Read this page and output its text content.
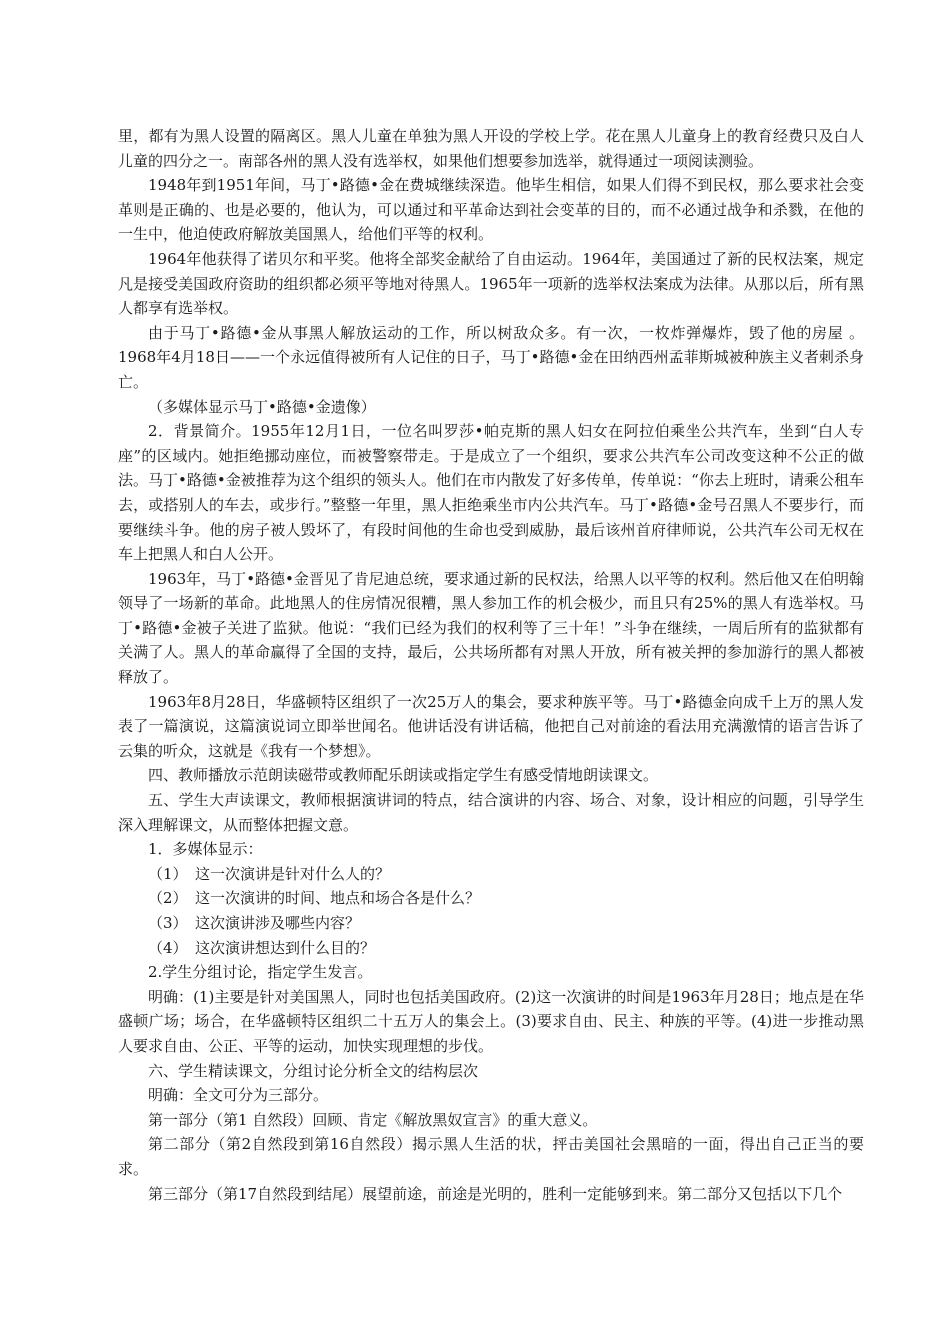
里，都有为黑人设置的隔离区。黑人儿童在单独为黑人开设的学校上学。花在黑人儿童身上的教育经费只及白人儿童的四分之一。南部各州的黑人没有选举权，如果他们想要参加选举，就得通过一项阅读测验。

1948年到1951年间，马丁•路德•金在费城继续深造。他毕生相信，如果人们得不到民权，那么要求社会变革则是正确的、也是必要的，他认为，可以通过和平革命达到社会变革的目的，而不必通过战争和杀戮，在他的一生中，他迫使政府解放美国黑人，给他们平等的权利。

1964年他获得了诺贝尔和平奖。他将全部奖金献给了自由运动。1964年，美国通过了新的民权法案，规定凡是接受美国政府资助的组织都必须平等地对待黑人。1965年一项新的选举权法案成为法律。从那以后，所有黑人都享有选举权。

由于马丁•路德•金从事黑人解放运动的工作，所以树敌众多。有一次，一枚炸弹爆炸，毁了他的房屋 。1968年4月18日——一个永远值得被所有人记住的日子，马丁•路德•金在田纳西州孟菲斯城被种族主义者刺杀身亡。

（多媒体显示马丁•路德•金遗像）

2．背景简介。1955年12月1日，一位名叫罗莎•帕克斯的黑人妇女在阿拉伯乘坐公共汽车，坐到“白人专座”的区域内。她拒绝挪动座位，而被警察带走。于是成立了一个组织，要求公共汽车公司改变这种不公正的做法。马丁•路德•金被推荐为这个组织的领头人。他们在市内散发了好多传单，传单说：“你去上班时，请乘公租车去，或搭别人的车去，或步行。”整整一年里，黑人拒绝乘坐市内公共汽车。马丁•路德•金号召黑人不要步行，而要继续斗争。他的房子被人毁坏了，有段时间他的生命也受到威胁，最后该州首府律师说，公共汽车公司无权在车上把黑人和白人公开。

1963年，马丁•路德•金晋见了肯尼迪总统，要求通过新的民权法，给黑人以平等的权利。然后他又在伯明翰领导了一场新的革命。此地黑人的住房情况很糟，黑人参加工作的机会极少，而且只有25%的黑人有选举权。马丁•路德•金被子关进了监狱。他说：“我们已经为我们的权利等了三十年！”斗争在继续，一周后所有的监狱都有关满了人。黑人的革命赢得了全国的支持，最后，公共场所都有对黑人开放，所有被关押的参加游行的黑人都被释放了。

1963年8月28日，华盛顿特区组织了一次25万人的集会，要求种族平等。马丁•路德金向成千上万的黑人发表了一篇演说，这篇演说词立即举世闻名。他讲话没有讲话稿，他把自己对前途的看法用充满激情的语言告诉了云集的听众，这就是《我有一个梦想》。

四、教师播放示范朗读磁带或教师配乐朗读或指定学生有感受情地朗读课文。

五、学生大声读课文，教师根据演讲词的特点，结合演讲的内容、场合、对象，设计相应的问题，引导学生深入理解课文，从而整体把握文意。

1．多媒体显示：

（1）　这一次演讲是针对什么人的？

（2）　这一次演讲的时间、地点和场合各是什么？

（3）　这次演讲涉及哪些内容？

（4）　这次演讲想达到什么目的？

2.学生分组讨论，指定学生发言。

明确：(1)主要是针对美国黑人，同时也包括美国政府。(2)这一次演讲的时间是1963年月28日；地点是在华盛顿广场；场合，在华盛顿特区组织二十五万人的集会上。(3)要求自由、民主、种族的平等。(4)进一步推动黑人要求自由、公正、平等的运动，加快实现理想的步伐。

六、学生精读课文，分组讨论分析全文的结构层次

明确：全文可分为三部分。

第一部分（第1 自然段）回顾、肯定《解放黑奴宣言》的重大意义。

第二部分（第2自然段到第16自然段）揭示黑人生活的状，抨击美国社会黑暗的一面，得出自己正当的要求。

第三部分（第17自然段到结尾）展望前途，前途是光明的，胜利一定能够到来。第二部分又包括以下几个
